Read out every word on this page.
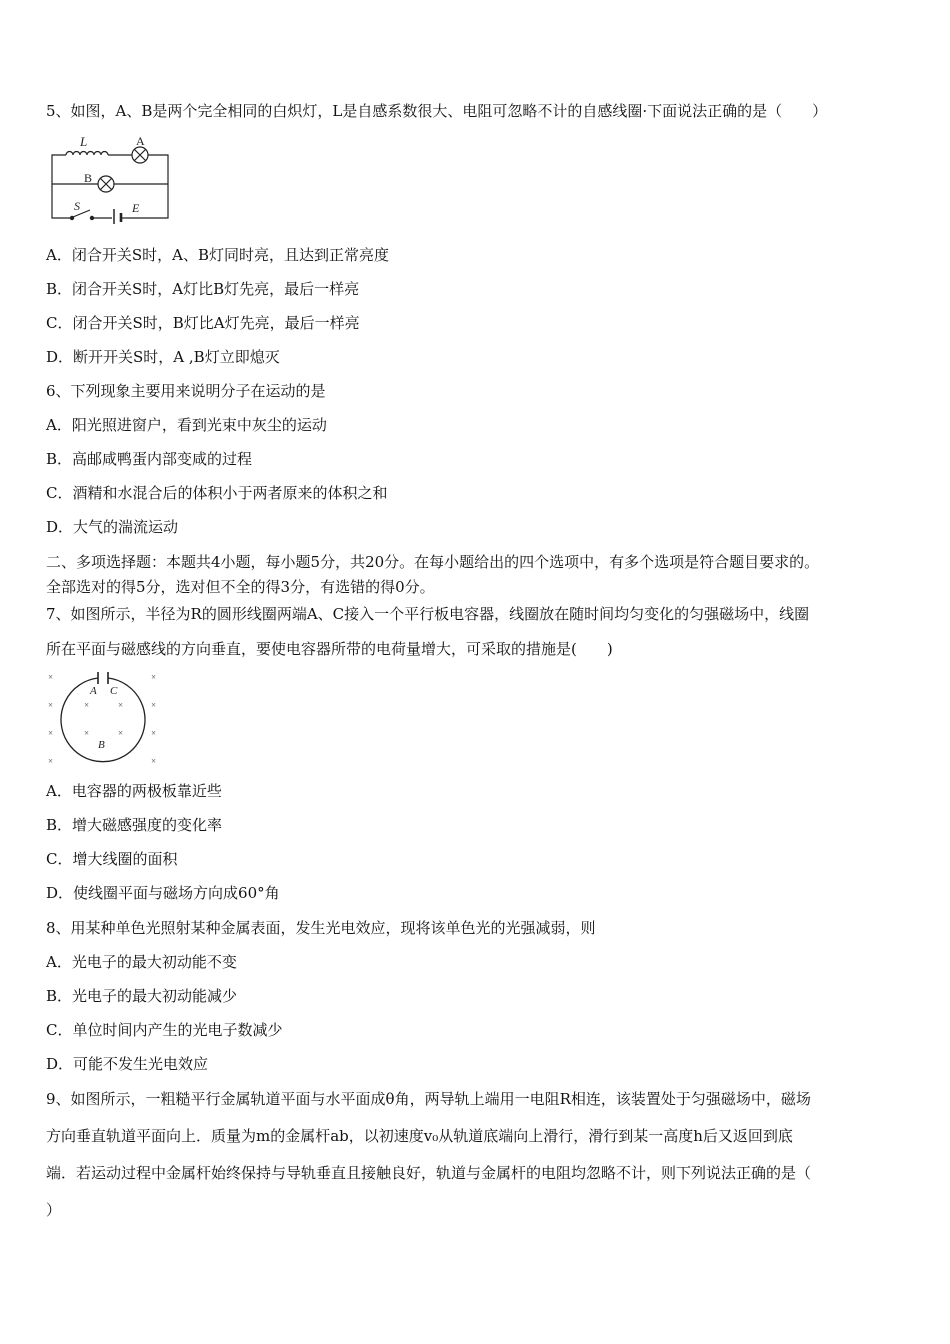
5、如图，A、B是两个完全相同的白炽灯，L是自感系数很大、电阻可忽略不计的自感线圈·下面说法正确的是（　　）
L	A
B
S	E
A．闭合开关S时，A、B灯同时亮，且达到正常亮度
B．闭合开关S时，A灯比B灯先亮，最后一样亮
C．闭合开关S时，B灯比A灯先亮，最后一样亮
D．断开开关S时，A ,B灯立即熄灭
6、下列现象主要用来说明分子在运动的是
A．阳光照进窗户，看到光束中灰尘的运动
B．高邮咸鸭蛋内部变咸的过程
C．酒精和水混合后的体积小于两者原来的体积之和
D．大气的湍流运动
二、多项选择题：本题共4小题，每小题5分，共20分。在每小题给出的四个选项中，有多个选项是符合题目要求的。
全部选对的得5分，选对但不全的得3分，有选错的得0分。
7、如图所示，半径为R的圆形线圈两端A、C接入一个平行板电容器，线圈放在随时间均匀变化的匀强磁场中，线圈
所在平面与磁感线的方向垂直，要使电容器所带的电荷量增大，可采取的措施是(　　)
×	×
×	×	×	×
×	×	×	×
×	×
A C
B
A．电容器的两极板靠近些
B．增大磁感强度的变化率
C．增大线圈的面积
D．使线圈平面与磁场方向成60°角
8、用某种单色光照射某种金属表面，发生光电效应，现将该单色光的光强减弱，则
A．光电子的最大初动能不变
B．光电子的最大初动能减少
C．单位时间内产生的光电子数减少
D．可能不发生光电效应
9、如图所示，一粗糙平行金属轨道平面与水平面成θ角，两导轨上端用一电阻R相连，该装置处于匀强磁场中，磁场
方向垂直轨道平面向上．质量为m的金属杆ab，以初速度v₀从轨道底端向上滑行，滑行到某一高度h后又返回到底
端．若运动过程中金属杆始终保持与导轨垂直且接触良好，轨道与金属杆的电阻均忽略不计，则下列说法正确的是（
）
